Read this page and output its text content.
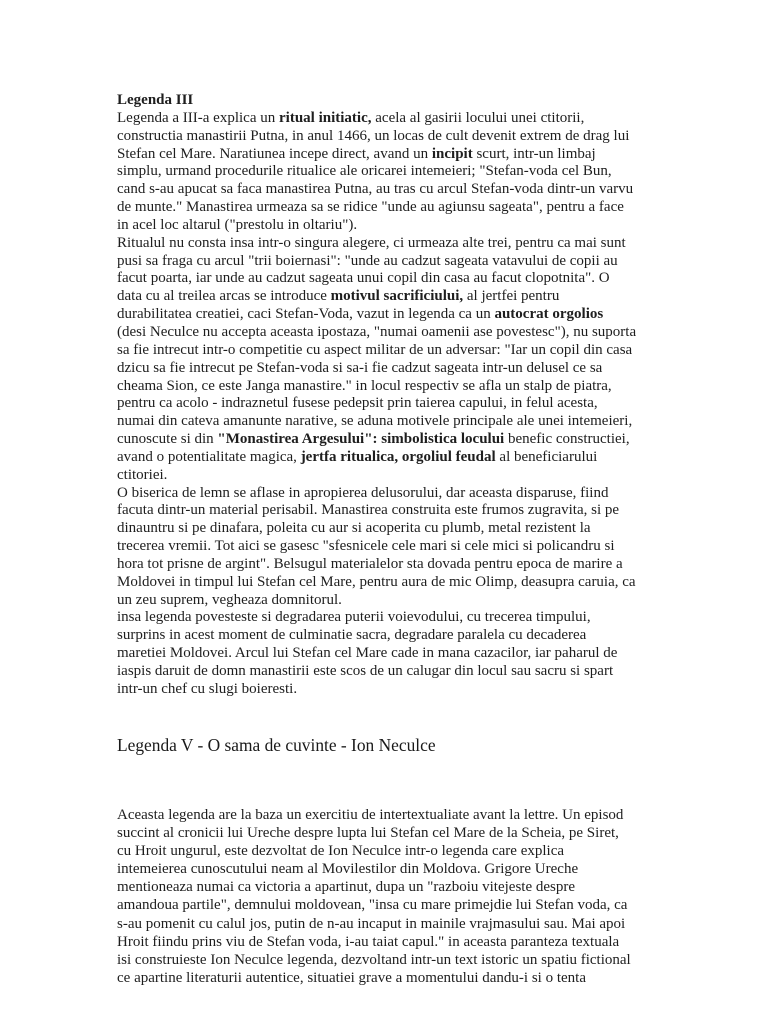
Legenda III
Legenda a III-a explica un ritual initiatic, acela al gasirii locului unei ctitorii,
constructia manastirii Putna, in anul 1466, un locas de cult devenit extrem de drag lui
Stefan cel Mare. Naratiunea incepe direct, avand un incipit scurt, intr-un limbaj
simplu, urmand procedurile ritualice ale oricarei intemeieri; "Stefan-voda cel Bun,
cand s-au apucat sa faca manastirea Putna, au tras cu arcul Stefan-voda dintr-un varvu
de munte." Manastirea urmeaza sa se ridice "unde au agiunsu sageata", pentru a face
in acel loc altarul ("prestolu in oltariu").
Ritualul nu consta insa intr-o singura alegere, ci urmeaza alte trei, pentru ca mai sunt
pusi sa fraga cu arcul "trii boiernasi": "unde au cadzut sageata vatavului de copii au
facut poarta, iar unde au cadzut sageata unui copil din casa au facut clopotnita". O
data cu al treilea arcas se introduce motivul sacrificiului, al jertfei pentru
durabilitatea creatiei, caci Stefan-Voda, vazut in legenda ca un autocrat orgolios
(desi Neculce nu accepta aceasta ipostaza, "numai oamenii ase povestesc"), nu suporta
sa fie intrecut intr-o competitie cu aspect militar de un adversar: "Iar un copil din casa
dzicu sa fie intrecut pe Stefan-voda si sa-i fie cadzut sageata intr-un delusel ce sa
cheama Sion, ce este Janga manastire." in locul respectiv se afla un stalp de piatra,
pentru ca acolo - indraznetul fusese pedepsit prin taierea capului, in felul acesta,
numai din cateva amanunte narative, se aduna motivele principale ale unei intemeieri,
cunoscute si din "Monastirea Argesului": simbolistica locului benefic constructiei,
avand o potentialitate magica, jertfa ritualica, orgoliul feudal al beneficiarului
ctitoriei.
O biserica de lemn se aflase in apropierea delusorului, dar aceasta disparuse, fiind
facuta dintr-un material perisabil. Manastirea construita este frumos zugravita, si pe
dinauntru si pe dinafara, poleita cu aur si acoperita cu plumb, metal rezistent la
trecerea vremii. Tot aici se gasesc "sfesnicele cele mari si cele mici si policandru si
hora tot prisne de argint". Belsugul materialelor sta dovada pentru epoca de marire a
Moldovei in timpul lui Stefan cel Mare, pentru aura de mic Olimp, deasupra caruia, ca
un zeu suprem, vegheaza domnitorul.
insa legenda povesteste si degradarea puterii voievodului, cu trecerea timpului,
surprins in acest moment de culminatie sacra, degradare paralela cu decaderea
maretiei Moldovei. Arcul lui Stefan cel Mare cade in mana cazacilor, iar paharul de
iaspis daruit de domn manastirii este scos de un calugar din locul sau sacru si spart
intr-un chef cu slugi boieresti.
Legenda V - O sama de cuvinte - Ion Neculce
Aceasta legenda are la baza un exercitiu de intertextualiate avant la lettre. Un episod
succint al cronicii lui Ureche despre lupta lui Stefan cel Mare de la Scheia, pe Siret,
cu Hroit ungurul, este dezvoltat de Ion Neculce intr-o legenda care explica
intemeierea cunoscutului neam al Movilestilor din Moldova. Grigore Ureche
mentioneaza numai ca victoria a apartinut, dupa un "razboiu vitejeste despre
amandoua partile", demnului moldovean, "insa cu mare primejdie lui Stefan voda, ca
s-au pomenit cu calul jos, putin de n-au incaput in mainile vrajmasului sau. Mai apoi
Hroit fiindu prins viu de Stefan voda, i-au taiat capul." in aceasta paranteza textuala
isi construieste Ion Neculce legenda, dezvoltand intr-un text istoric un spatiu fictional
ce apartine literaturii autentice, situatiei grave a momentului dandu-i si o tenta
